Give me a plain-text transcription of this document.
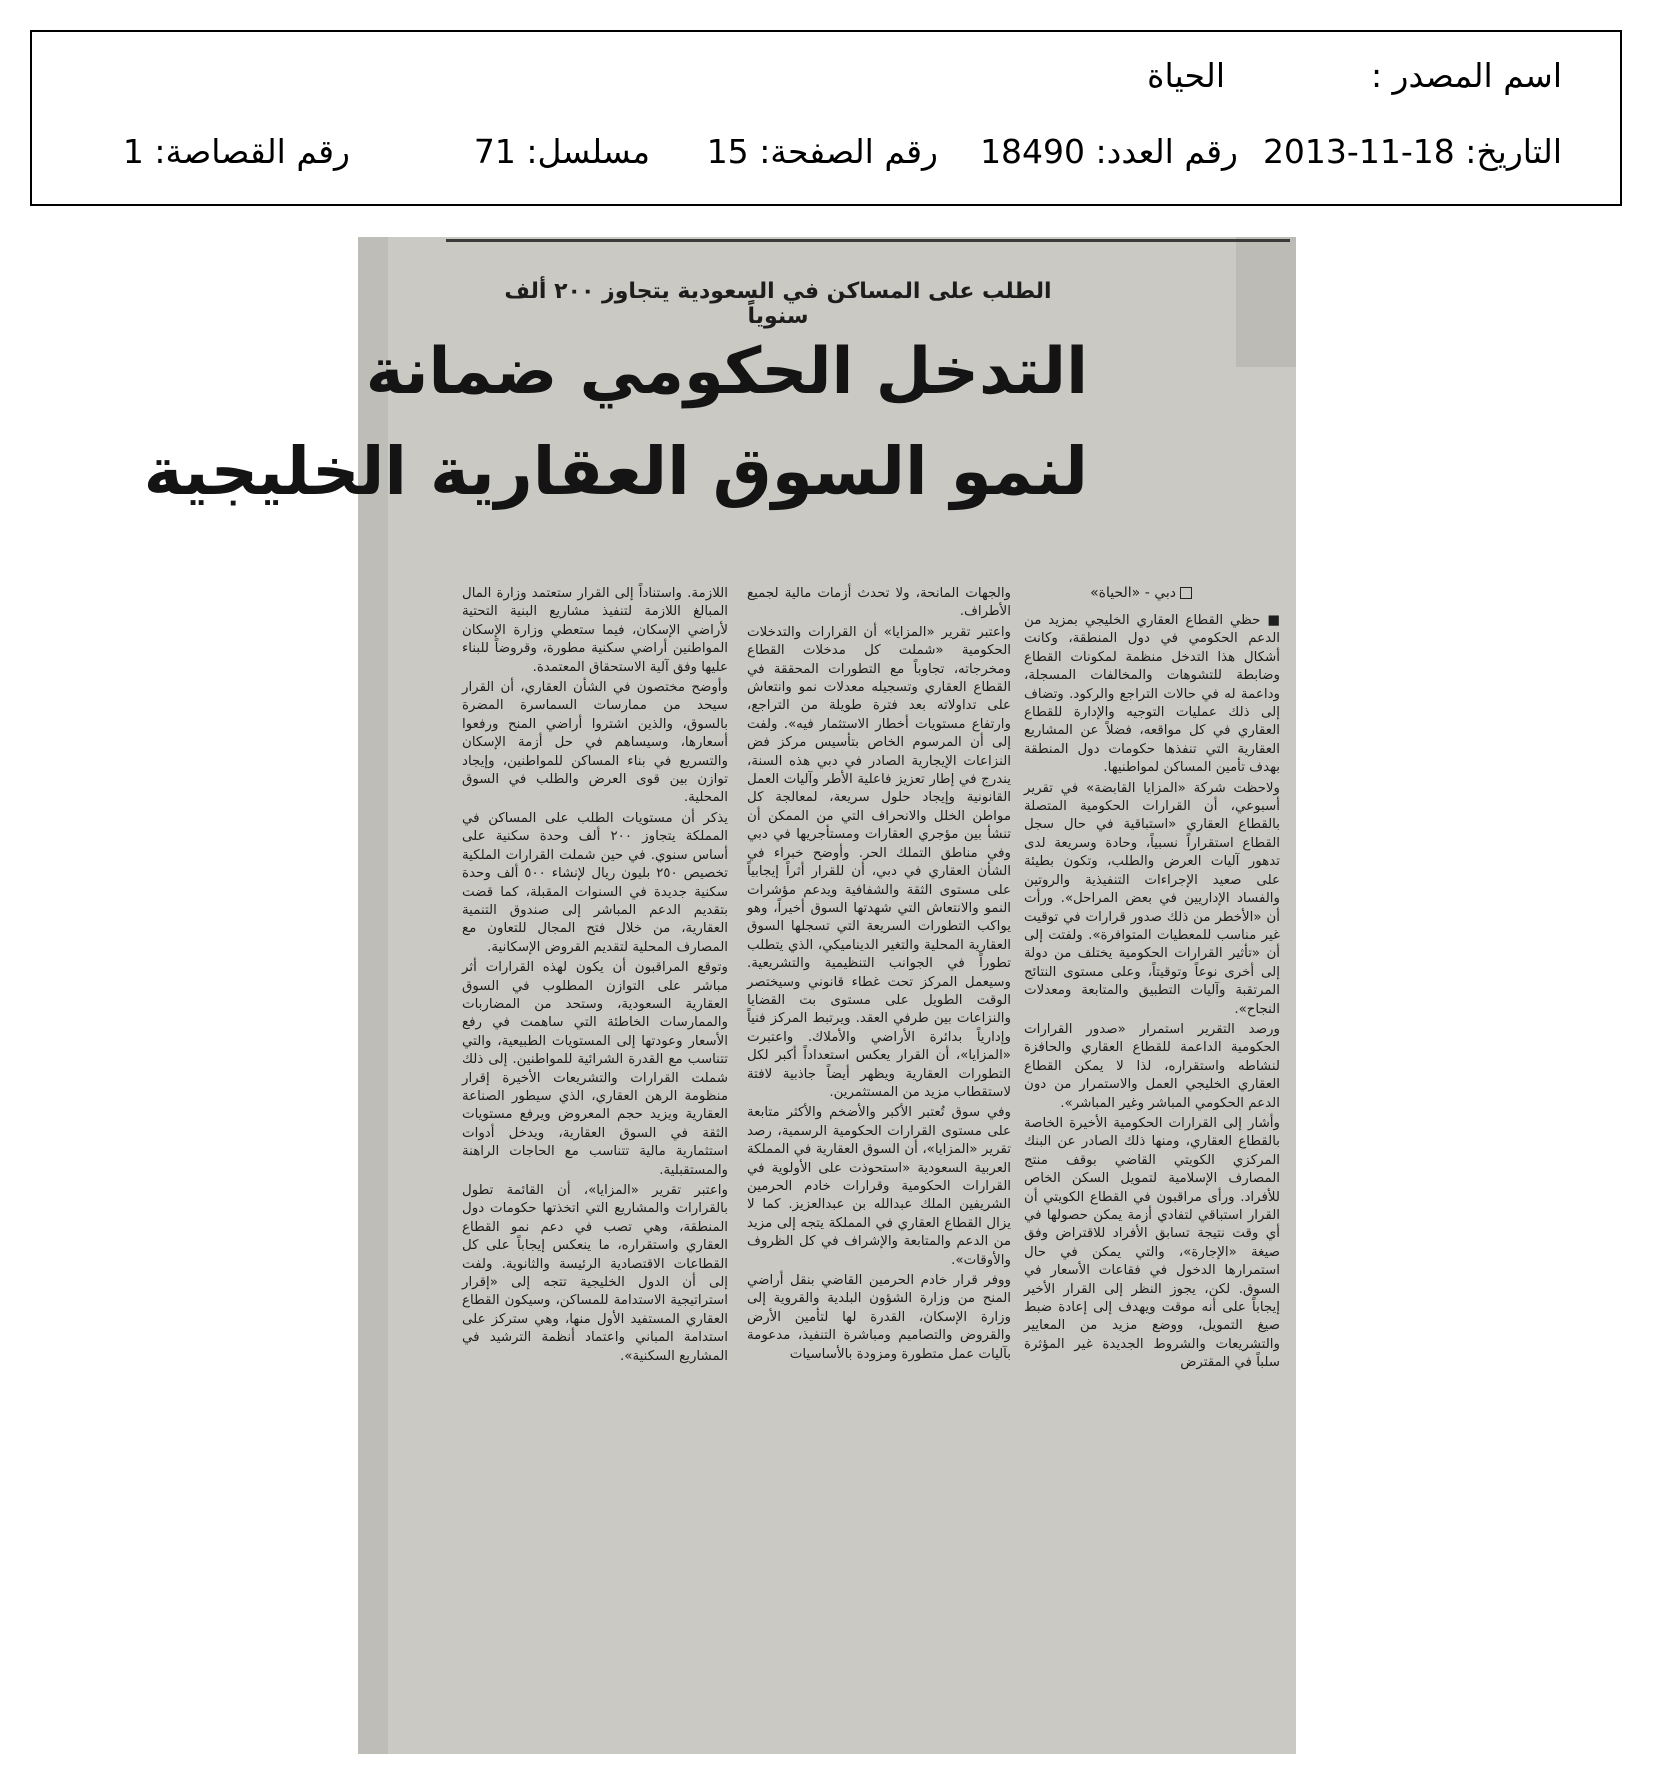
اسم المصدر :
الحياة
التاريخ: 2013-11-18
رقم العدد: 18490
رقم الصفحة: 15
مسلسل: 71
رقم القصاصة: 1
الطلب على المساكن في السعودية يتجاوز ٢٠٠ ألف سنوياً
التدخل الحكومي ضمانة
لنمو السوق العقارية الخليجية
دبي - «الحياة»

■ حظي القطاع العقاري الخليجي بمزيد من الدعم الحكومي في دول المنطقة، وكانت أشكال هذا التدخل منظمة لمكونات القطاع وضابطة للتشوهات والمخالفات المسجلة، وداعمة له في حالات التراجع والركود. وتضاف إلى ذلك عمليات التوجيه والإدارة للقطاع العقاري في كل مواقعه، فضلاً عن المشاريع العقارية التي تنفذها حكومات دول المنطقة بهدف تأمين المساكن لمواطنيها.

ولاحظت شركة «المزايا القابضة» في تقرير أسبوعي، أن القرارات الحكومية المتصلة بالقطاع العقاري «استباقية في حال سجل القطاع استقراراً نسبياً، وحادة وسريعة لدى تدهور آليات العرض والطلب، وتكون بطيئة على صعيد الإجراءات التنفيذية والروتين والفساد الإداريين في بعض المراحل». ورأت أن «الأخطر من ذلك صدور قرارات في توقيت غير مناسب للمعطيات المتوافرة». ولفتت إلى أن «تأثير القرارات الحكومية يختلف من دولة إلى أخرى نوعاً وتوقيتاً، وعلى مستوى النتائج المرتقبة وآليات التطبيق والمتابعة ومعدلات النجاح».

ورصد التقرير استمرار «صدور القرارات الحكومية الداعمة للقطاع العقاري والحافزة لنشاطه واستقراره، لذا لا يمكن القطاع العقاري الخليجي العمل والاستمرار من دون الدعم الحكومي المباشر وغير المباشر».

وأشار إلى القرارات الحكومية الأخيرة الخاصة بالقطاع العقاري، ومنها ذلك الصادر عن البنك المركزي الكويتي القاضي بوقف منتج المصارف الإسلامية لتمويل السكن الخاص للأفراد. ورأى مراقبون في القطاع الكويتي أن القرار استباقي لتفادي أزمة يمكن حصولها في أي وقت نتيجة تسابق الأفراد للاقتراض وفق صيغة «الإجارة»، والتي يمكن في حال استمرارها الدخول في فقاعات الأسعار في السوق. لكن، يجوز النظر إلى القرار الأخير إيجاباً على أنه موقت ويهدف إلى إعادة ضبط صيغ التمويل، ووضع مزيد من المعايير والتشريعات والشروط الجديدة غير المؤثرة سلباً في المقترض

والجهات المانحة، ولا تحدث أزمات مالية لجميع الأطراف.

واعتبر تقرير «المزايا» أن القرارات والتدخلات الحكومية «شملت كل مدخلات القطاع ومخرجاته، تجاوباً مع التطورات المحققة في القطاع العقاري وتسجيله معدلات نمو وانتعاش على تداولاته بعد فترة طويلة من التراجع، وارتفاع مستويات أخطار الاستثمار فيه». ولفت إلى أن المرسوم الخاص بتأسيس مركز فض النزاعات الإيجارية الصادر في دبي هذه السنة، يندرج في إطار تعزيز فاعلية الأطر وآليات العمل القانونية وإيجاد حلول سريعة، لمعالجة كل مواطن الخلل والانحراف التي من الممكن أن تنشأ بين مؤجري العقارات ومستأجريها في دبي وفي مناطق التملك الحر. وأوضح خبراء في الشأن العقاري في دبي، أن للقرار أثراً إيجابياً على مستوى الثقة والشفافية ويدعم مؤشرات النمو والانتعاش التي شهدتها السوق أخيراً، وهو يواكب التطورات السريعة التي تسجلها السوق العقارية المحلية والتغير الديناميكي، الذي يتطلب تطوراً في الجوانب التنظيمية والتشريعية. وسيعمل المركز تحت غطاء قانوني وسيختصر الوقت الطويل على مستوى بت القضايا والنزاعات بين طرفي العقد. ويرتبط المركز فنياً وإدارياً بدائرة الأراضي والأملاك. واعتبرت «المزايا»، أن القرار يعكس استعداداً أكبر لكل التطورات العقارية ويظهر أيضاً جاذبية لافتة لاستقطاب مزيد من المستثمرين.

وفي سوق تُعتبر الأكبر والأضخم والأكثر متابعة على مستوى القرارات الحكومية الرسمية، رصد تقرير «المزايا»، أن السوق العقارية في المملكة العربية السعودية «استحوذت على الأولوية في القرارات الحكومية وقرارات خادم الحرمين الشريفين الملك عبدالله بن عبدالعزيز. كما لا يزال القطاع العقاري في المملكة يتجه إلى مزيد من الدعم والمتابعة والإشراف في كل الظروف والأوقات».

ووفر قرار خادم الحرمين القاضي بنقل أراضي المنح من وزارة الشؤون البلدية والقروية إلى وزارة الإسكان، القدرة لها لتأمين الأرض والقروض والتصاميم ومباشرة التنفيذ، مدعومة بآليات عمل متطورة ومزودة بالأساسيات

اللازمة. واستناداً إلى القرار ستعتمد وزارة المال المبالغ اللازمة لتنفيذ مشاريع البنية التحتية لأراضي الإسكان، فيما ستعطي وزارة الإسكان المواطنين أراضي سكنية مطورة، وقروضاً للبناء عليها وفق آلية الاستحقاق المعتمدة.

وأوضح مختصون في الشأن العقاري، أن القرار سيحد من ممارسات السماسرة المضرة بالسوق، والذين اشتروا أراضي المنح ورفعوا أسعارها، وسيساهم في حل أزمة الإسكان والتسريع في بناء المساكن للمواطنين، وإيجاد توازن بين قوى العرض والطلب في السوق المحلية.

يذكر أن مستويات الطلب على المساكن في المملكة يتجاوز ٢٠٠ ألف وحدة سكنية على أساس سنوي. في حين شملت القرارات الملكية تخصيص ٢٥٠ بليون ريال لإنشاء ٥٠٠ ألف وحدة سكنية جديدة في السنوات المقبلة، كما قضت بتقديم الدعم المباشر إلى صندوق التنمية العقارية، من خلال فتح المجال للتعاون مع المصارف المحلية لتقديم القروض الإسكانية.

وتوقع المراقبون أن يكون لهذه القرارات أثر مباشر على التوازن المطلوب في السوق العقارية السعودية، وستحد من المضاربات والممارسات الخاطئة التي ساهمت في رفع الأسعار وعودتها إلى المستويات الطبيعية، والتي تتناسب مع القدرة الشرائية للمواطنين. إلى ذلك شملت القرارات والتشريعات الأخيرة إقرار منظومة الرهن العقاري، الذي سيطور الصناعة العقارية ويزيد حجم المعروض ويرفع مستويات الثقة في السوق العقارية، ويدخل أدوات استثمارية مالية تتناسب مع الحاجات الراهنة والمستقبلية.

واعتبر تقرير «المزايا»، أن القائمة تطول بالقرارات والمشاريع التي اتخذتها حكومات دول المنطقة، وهي تصب في دعم نمو القطاع العقاري واستقراره، ما ينعكس إيجاباً على كل القطاعات الاقتصادية الرئيسة والثانوية. ولفت إلى أن الدول الخليجية تتجه إلى «إقرار استراتيجية الاستدامة للمساكن، وسيكون القطاع العقاري المستفيد الأول منها، وهي ستركز على استدامة المباني واعتماد أنظمة الترشيد في المشاريع السكنية».
